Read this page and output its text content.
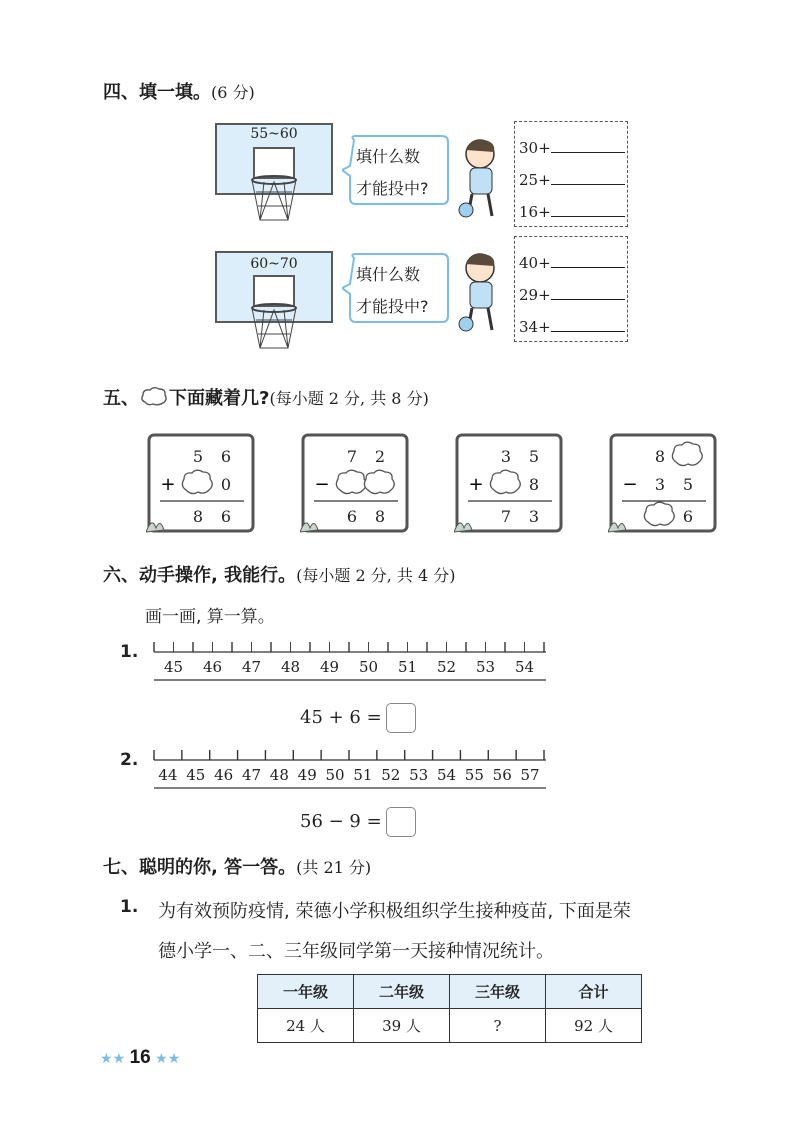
四、填一填。(6 分)
55~60
填什么数
才能投中?
30+
25+
16+
60~70
填什么数
才能投中?
40+
29+
34+
五、 下面藏着几?(每小题 2 分, 共 8 分)
5 6
0
8 6
+
7 2
6 8
−
3 5
8
7 3
+
8
3 5
6
−
六、动手操作, 我能行。(每小题 2 分, 共 4 分)
画一画, 算一算。
1.
45 46 47 48 49 50 51 52 53 54
45 + 6 =
2.
44 45 46 47 48 49 50 51 52 53 54 55 56 57
56 − 9 =
七、聪明的你, 答一答。(共 21 分)
1. 为有效预防疫情, 荣德小学积极组织学生接种疫苗, 下面是荣
德小学一、二、三年级同学第一天接种情况统计。
一年级	二年级	三年级	合计
24 人	39 人	?	92 人
★★ 16 ★★
